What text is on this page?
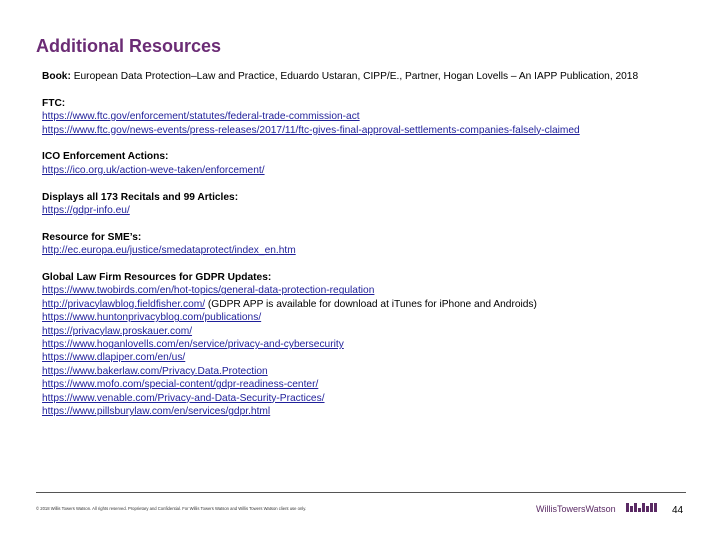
Additional Resources
Book: European Data Protection–Law and Practice, Eduardo Ustaran, CIPP/E., Partner, Hogan Lovells – An IAPP Publication, 2018
FTC:
https://www.ftc.gov/enforcement/statutes/federal-trade-commission-act
https://www.ftc.gov/news-events/press-releases/2017/11/ftc-gives-final-approval-settlements-companies-falsely-claimed
ICO Enforcement Actions:
https://ico.org.uk/action-weve-taken/enforcement/
Displays all 173 Recitals and 99 Articles:
https://gdpr-info.eu/
Resource for SME’s:
http://ec.europa.eu/justice/smedataprotect/index_en.htm
Global Law Firm Resources for GDPR Updates:
https://www.twobirds.com/en/hot-topics/general-data-protection-regulation
http://privacylawblog.fieldfisher.com/ (GDPR APP is available for download at iTunes for iPhone and Androids)
https://www.huntonprivacyblog.com/publications/
https://privacylaw.proskauer.com/
https://www.hoganlovells.com/en/service/privacy-and-cybersecurity
https://www.dlapiper.com/en/us/
https://www.bakerlaw.com/Privacy.Data.Protection
https://www.mofo.com/special-content/gdpr-readiness-center/
https://www.venable.com/Privacy-and-Data-Security-Practices/
https://www.pillsburylaw.com/en/services/gdpr.html
© 2018 Willis Towers Watson. All rights reserved. Proprietary and Confidential. For Willis Towers Watson and Willis Towers Watson client use only.	WillisTowersWatson	44
